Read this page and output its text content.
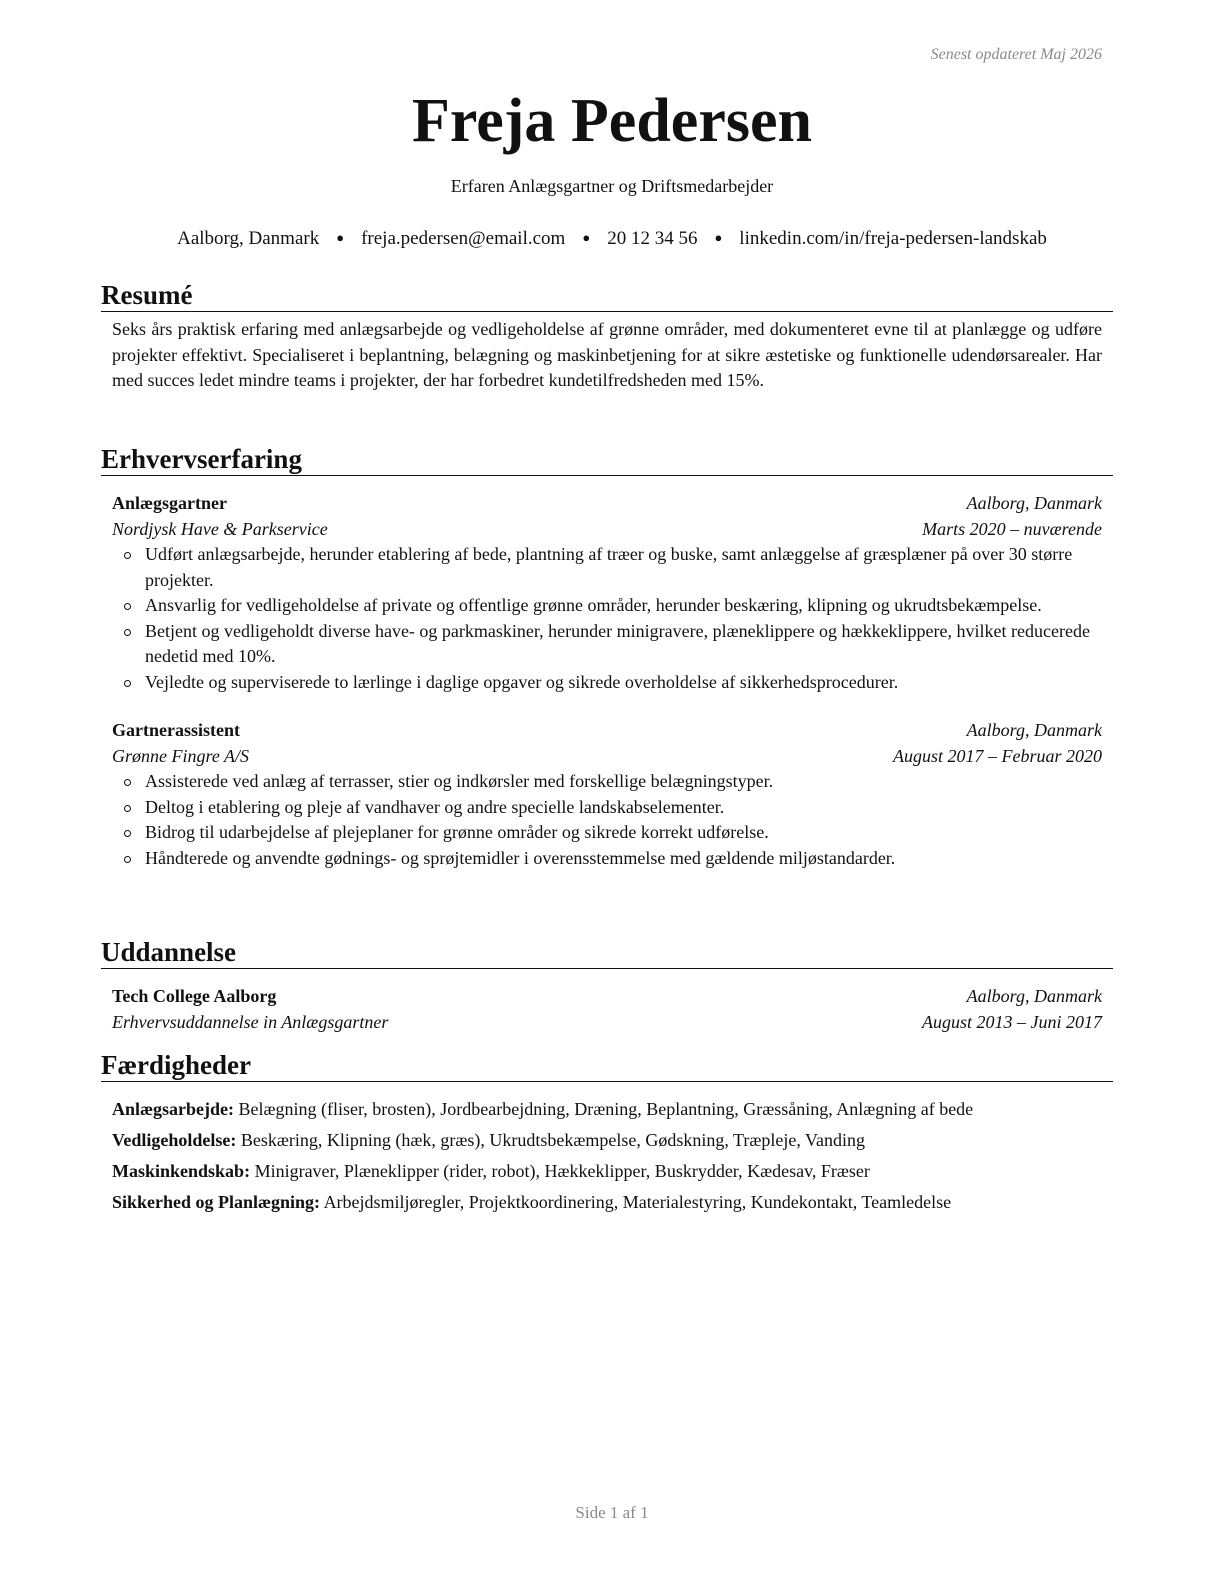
Senest opdateret Maj 2026
Freja Pedersen
Erfaren Anlægsgartner og Driftsmedarbejder
Aalborg, Danmark ● freja.pedersen@email.com ● 20 12 34 56 ● linkedin.com/in/freja-pedersen-landskab
Resumé
Seks års praktisk erfaring med anlægsarbejde og vedligeholdelse af grønne områder, med dokumenteret evne til at planlægge og udføre projekter effektivt. Specialiseret i beplantning, belægning og maskinbetjening for at sikre æstetiske og funktionelle udendørsarealer. Har med succes ledet mindre teams i projekter, der har forbedret kundetilfredsheden med 15%.
Erhvervserfaring
Anlægsgartner	Aalborg, Danmark
Nordjysk Have & Parkservice	Marts 2020 – nuværende
Udført anlægsarbejde, herunder etablering af bede, plantning af træer og buske, samt anlæggelse af græsplæner på over 30 større projekter.
Ansvarlig for vedligeholdelse af private og offentlige grønne områder, herunder beskæring, klipning og ukrudtsbekæmpelse.
Betjent og vedligeholdt diverse have- og parkmaskiner, herunder minigravere, plæneklippere og hækkeklippere, hvilket reducerede nedetid med 10%.
Vejledte og superviserede to lærlinge i daglige opgaver og sikrede overholdelse af sikkerhedsprocedurer.
Gartnerassistent	Aalborg, Danmark
Grønne Fingre A/S	August 2017 – Februar 2020
Assisterede ved anlæg af terrasser, stier og indkørsler med forskellige belægningstyper.
Deltog i etablering og pleje af vandhaver og andre specielle landskabselementer.
Bidrog til udarbejdelse af plejeplaner for grønne områder og sikrede korrekt udførelse.
Håndterede og anvendte gødnings- og sprøjtemidler i overensstemmelse med gældende miljøstandarder.
Uddannelse
Tech College Aalborg	Aalborg, Danmark
Erhvervsuddannelse in Anlægsgartner	August 2013 – Juni 2017
Færdigheder

Anlægsarbejde: Belægning (fliser, brosten), Jordbearbejdning, Dræning, Beplantning, Græssåning, Anlægning af bede

Vedligeholdelse: Beskæring, Klipning (hæk, græs), Ukrudtsbekæmpelse, Gødskning, Træpleje, Vanding

Maskinkendskab: Minigraver, Plæneklipper (rider, robot), Hækkeklipper, Buskrydder, Kædesav, Fræser

Sikkerhed og Planlægning: Arbejdsmiljøregler, Projektkoordinering, Materialestyring, Kundekontakt, Teamledelse

Side 1 af 1
